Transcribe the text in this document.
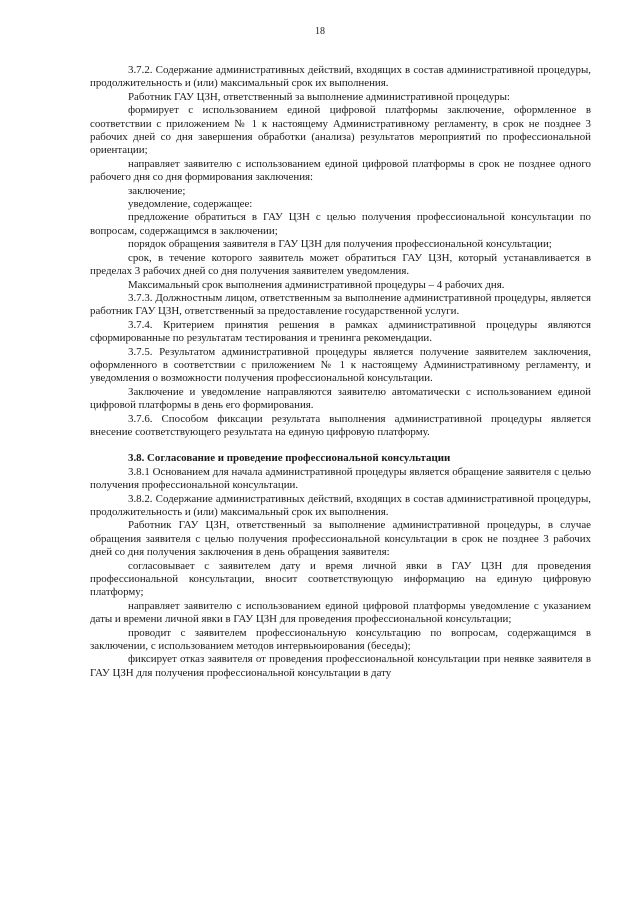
18

3.7.2. Содержание административных действий, входящих в состав административной процедуры, продолжительность и (или) максимальный срок их выполнения.

Работник ГАУ ЦЗН, ответственный за выполнение административной процедуры:

формирует с использованием единой цифровой платформы заключение, оформленное в соответствии с приложением № 1 к настоящему Административному регламенту, в срок не позднее 3 рабочих дней со дня завершения обработки (анализа) результатов мероприятий по профессиональной ориентации;

направляет заявителю с использованием единой цифровой платформы в срок не позднее одного рабочего дня со дня формирования заключения:

заключение;

уведомление, содержащее:

предложение обратиться в ГАУ ЦЗН с целью получения профессиональной консультации по вопросам, содержащимся в заключении;

порядок обращения заявителя в ГАУ ЦЗН для получения профессиональной консультации;

срок, в течение которого заявитель может обратиться ГАУ ЦЗН, который устанавливается в пределах 3 рабочих дней со дня получения заявителем уведомления.

Максимальный срок выполнения административной процедуры – 4 рабочих дня.

3.7.3. Должностным лицом, ответственным за выполнение административной процедуры, является работник ГАУ ЦЗН, ответственный за предоставление государственной услуги.

3.7.4. Критерием принятия решения в рамках административной процедуры являются сформированные по результатам тестирования и тренинга рекомендации.

3.7.5. Результатом административной процедуры является получение заявителем заключения, оформленного в соответствии с приложением № 1 к настоящему Административному регламенту, и уведомления о возможности получения профессиональной консультации.

Заключение и уведомление направляются заявителю автоматически с использованием единой цифровой платформы в день его формирования.

3.7.6. Способом фиксации результата выполнения административной процедуры является внесение соответствующего результата на единую цифровую платформу.

3.8. Согласование и проведение профессиональной консультации

3.8.1 Основанием для начала административной процедуры является обращение заявителя с целью получения профессиональной консультации.

3.8.2. Содержание административных действий, входящих в состав административной процедуры, продолжительность и (или) максимальный срок их выполнения.

Работник ГАУ ЦЗН, ответственный за выполнение административной процедуры, в случае обращения заявителя с целью получения профессиональной консультации в срок не позднее 3 рабочих дней со дня получения заключения в день обращения заявителя:

согласовывает с заявителем дату и время личной явки в ГАУ ЦЗН для проведения профессиональной консультации, вносит соответствующую информацию на единую цифровую платформу;

направляет заявителю с использованием единой цифровой платформы уведомление с указанием даты и времени личной явки в ГАУ ЦЗН для проведения профессиональной консультации;

проводит с заявителем профессиональную консультацию по вопросам, содержащимся в заключении, с использованием методов интервьюирования (беседы);

фиксирует отказ заявителя от проведения профессиональной консультации при неявке заявителя в ГАУ ЦЗН для получения профессиональной консультации в дату
